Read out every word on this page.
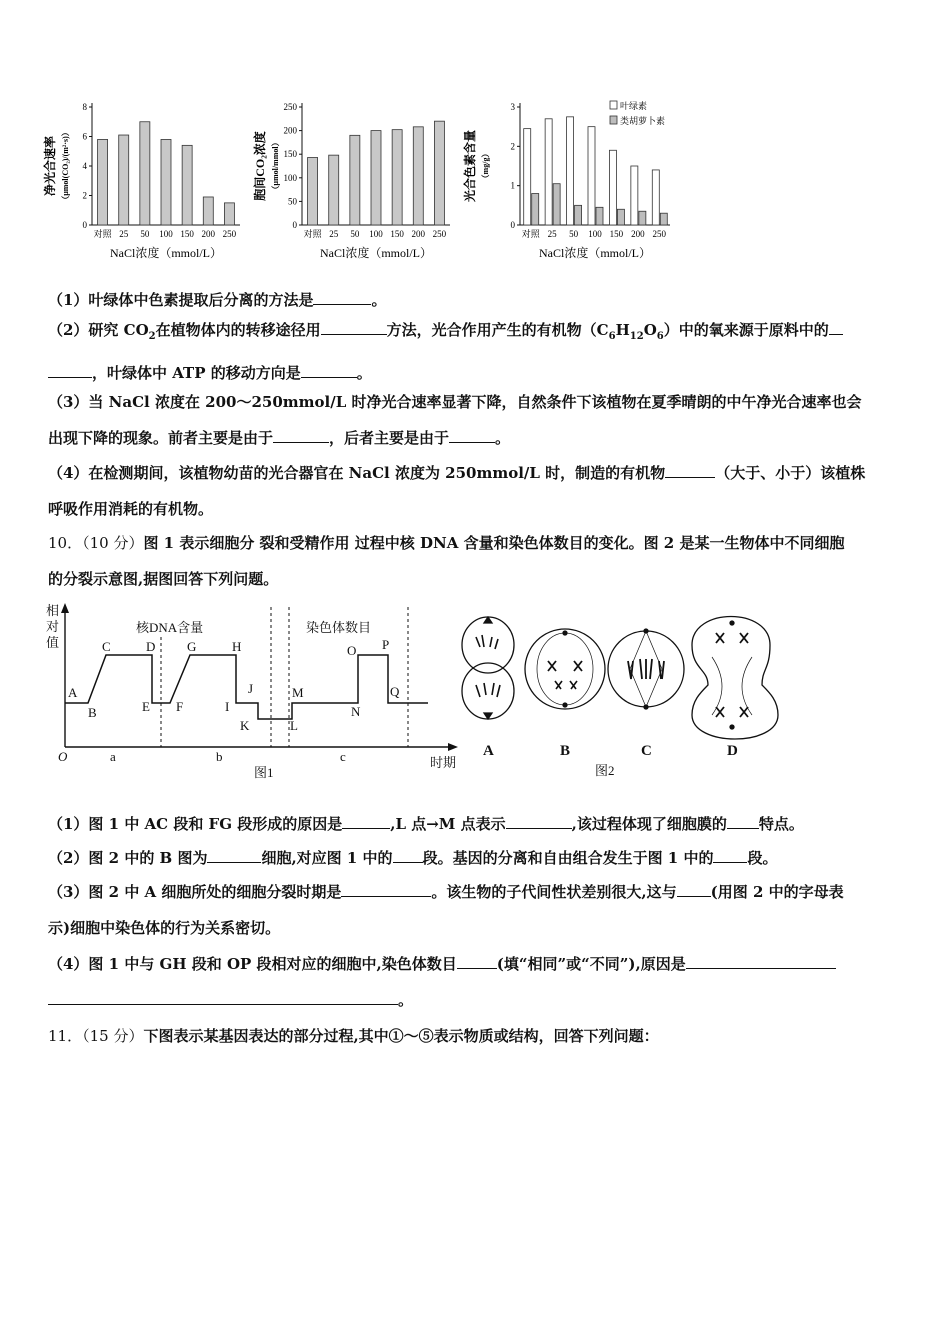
净光合速率 （μmol(CO₂)/(m²·s)）
0
2
4
6
8
对照 25 50 100 150 200 250
NaCl浓度（mmol/L）
胞间CO₂浓度 （μmol/mmol）
0
50
100
150
200
250
对照 25 50 100 150 200 250
NaCl浓度（mmol/L）
光合色素含量 （mg/g）
0
1
2
3
对照 25 50 100 150 200 250
NaCl浓度（mmol/L）
叶绿素
类胡萝卜素
（1）叶绿体中色素提取后分离的方法是	。
（2）研究 $CO_2$在植物体内的转移途径用	方法，光合作用产生的有机物$(C_6H_{12}O_6)$中的氧来源于原料中的
，叶绿体中 ATP 的移动方向是	。
（3）当 NaCl 浓度在 200～250mmol/L 时净光合速率显著下降，自然条件下该植物在夏季晴朗的中午净光合速率也会
出现下降的现象。前者主要是由于	，后者主要是由于	。
（4）在检测期间，该植物幼苗的光合器官在 NaCl 浓度为 250mmol/L 时，制造的有机物	（大于、小于）该植株
呼吸作用消耗的有机物。
10．（10 分）图 1 表示细胞分 裂和受精作用 过程中核 DNA 含量和染色体数目的变化。图 2 是某一生物体中不同细胞
的分裂示意图,据图回答下列问题。
相
对
值
核DNA含量	染色体数目
A
B
C	D
E F
G	H
I
J
K	L
M
N
O P
Q
O	a	b	c	时期
图1
A	B	C	D
图2
（1）图 1 中 AC 段和 FG 段形成的原因是	,L 点→M 点表示	,该过程体现了细胞膜的 特点。
（2）图 2 中的 B 图为	细胞,对应图 1 中的 段。基因的分离和自由组合发生于图 1 中的 段。
（3）图 2 中 A 细胞所处的细胞分裂时期是	。该生物的子代间性状差别很大,这与 (用图 2 中的字母表
示)细胞中染色体的行为关系密切。
（4）图 1 中与 GH 段和 OP 段相对应的细胞中,染色体数目	(填“相同”或“不同”),原因是
。
11．（15 分）下图表示某基因表达的部分过程,其中①～⑤表示物质或结构，回答下列问题：
